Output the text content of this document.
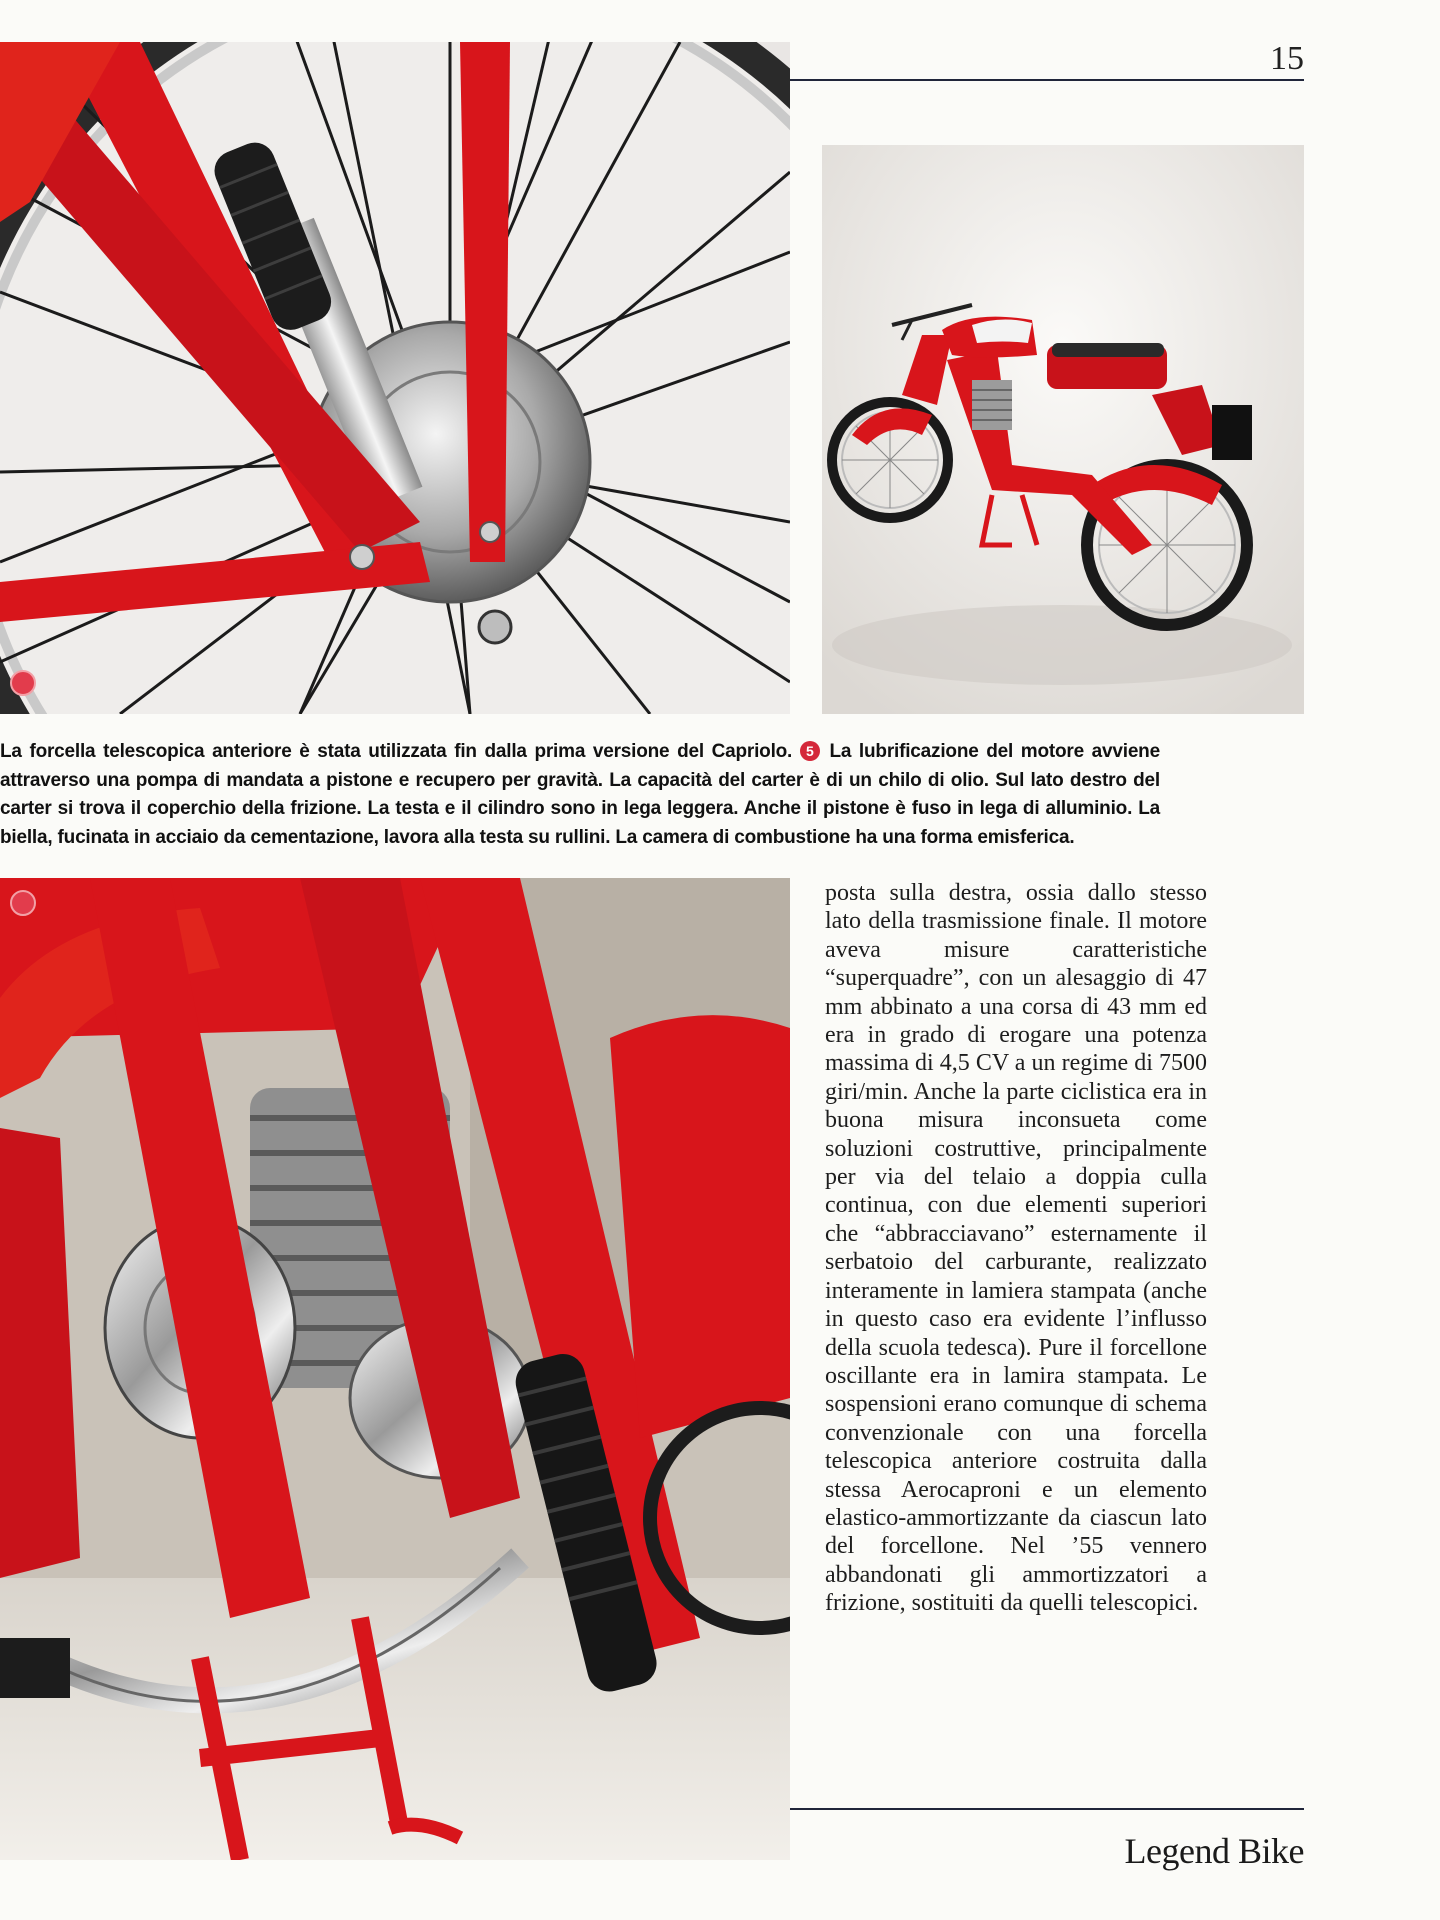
15
La forcella telescopica anteriore è stata utilizzata fin dalla prima versione del Capriolo. 5 La lubrificazione del motore avviene attraverso una pompa di mandata a pistone e recupero per gravità. La capacità del carter è di un chilo di olio. Sul lato destro del carter si trova il coperchio della frizione. La testa e il cilindro sono in lega leggera. Anche il pistone è fuso in lega di alluminio. La biella, fucinata in acciaio da cementazione, lavora alla testa su rullini. La camera di combustione ha una forma emisferica.
posta sulla destra, ossia dallo stesso lato della trasmissione finale. Il motore aveva misure caratteristiche “superquadre”, con un alesaggio di 47 mm abbinato a una corsa di 43 mm ed era in grado di erogare una potenza massima di 4,5 CV a un regime di 7500 giri/min. Anche la parte ciclistica era in buona misura inconsueta come soluzioni costruttive, principalmente per via del telaio a doppia culla continua, con due elementi superiori che “abbracciavano” esternamente il serbatoio del carburante, realizzato interamente in lamiera stampata (anche in questo caso era evidente l’influsso della scuola tedesca). Pure il forcellone oscillante era in lamira stampata. Le sospensioni erano comunque di schema convenzionale con una forcella telescopica anteriore costruita dalla stessa Aerocaproni e un elemento elastico-ammortizzante da ciascun lato del forcellone. Nel ’55 vennero abbandonati gli ammortizzatori a frizione, sostituiti da quelli telescopici.
Legend Bike
